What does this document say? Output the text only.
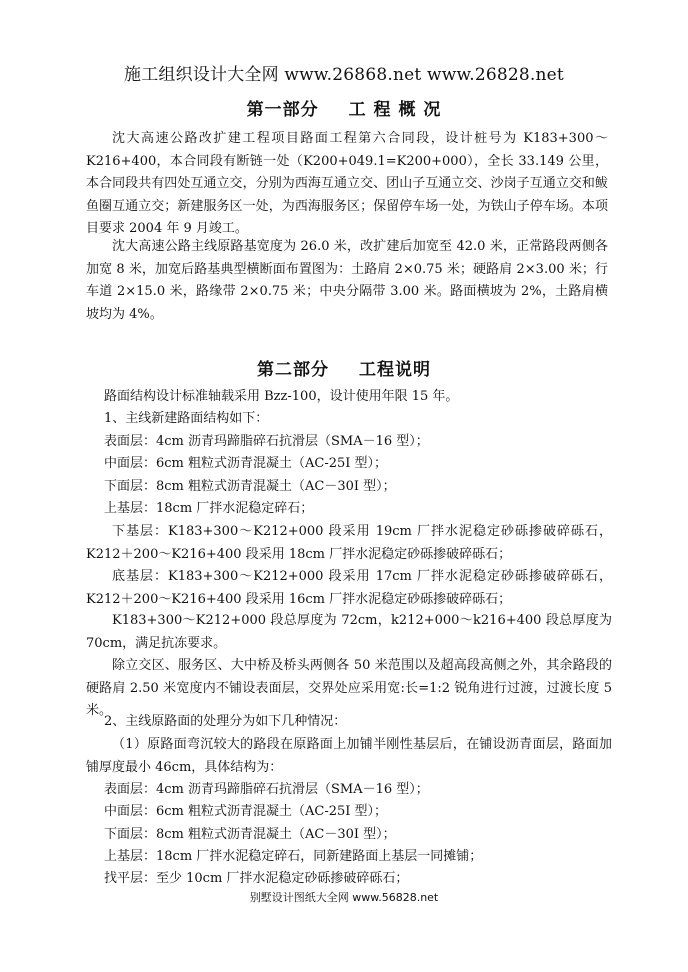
施工组织设计大全网 www.26868.net www.26828.net
第一部分 工 程 概 况
沈大高速公路改扩建工程项目路面工程第六合同段，设计桩号为 K183+300～K216+400，本合同段有断链一处（K200+049.1=K200+000），全长 33.149 公里，本合同段共有四处互通立交，分别为西海互通立交、团山子互通立交、沙岗子互通立交和鲅鱼圈互通立交；新建服务区一处，为西海服务区；保留停车场一处，为铁山子停车场。本项目要求 2004 年 9 月竣工。
沈大高速公路主线原路基宽度为 26.0 米，改扩建后加宽至 42.0 米，正常路段两侧各加宽 8 米，加宽后路基典型横断面布置图为：土路肩 2×0.75 米；硬路肩 2×3.00 米；行车道 2×15.0 米，路缘带 2×0.75 米；中央分隔带 3.00 米。路面横坡为 2%，土路肩横坡均为 4%。
第二部分 工程说明
路面结构设计标准轴载采用 Bzz-100，设计使用年限 15 年。
1、主线新建路面结构如下：
表面层：4cm 沥青玛蹄脂碎石抗滑层（SMA－16 型）；
中面层：6cm 粗粒式沥青混凝土（AC-25I 型）；
下面层：8cm 粗粒式沥青混凝土（AC－30I 型）；
上基层：18cm 厂拌水泥稳定碎石；
下基层：K183+300～K212+000 段采用 19cm 厂拌水泥稳定砂砾掺破碎砾石，K212＋200～K216+400 段采用 18cm 厂拌水泥稳定砂砾掺破碎砾石；
底基层：K183+300～K212+000 段采用 17cm 厂拌水泥稳定砂砾掺破碎砾石，K212＋200～K216+400 段采用 16cm 厂拌水泥稳定砂砾掺破碎砾石；
K183+300～K212+000 段总厚度为 72cm，k212+000～k216+400 段总厚度为 70cm，满足抗冻要求。
除立交区、服务区、大中桥及桥头两侧各 50 米范围以及超高段高侧之外，其余路段的硬路肩 2.50 米宽度内不铺设表面层，交界处应采用宽:长=1:2 锐角进行过渡，过渡长度 5 米。
2、主线原路面的处理分为如下几种情况：
（1）原路面弯沉较大的路段在原路面上加铺半刚性基层后，在铺设沥青面层，路面加铺厚度最小 46cm，具体结构为：
表面层：4cm 沥青玛蹄脂碎石抗滑层（SMA－16 型）；
中面层：6cm 粗粒式沥青混凝土（AC-25I 型）；
下面层：8cm 粗粒式沥青混凝土（AC－30I 型）；
上基层：18cm 厂拌水泥稳定碎石，同新建路面上基层一同摊铺；
找平层：至少 10cm 厂拌水泥稳定砂砾掺破碎砾石；
别墅设计图纸大全网 www.56828.net
